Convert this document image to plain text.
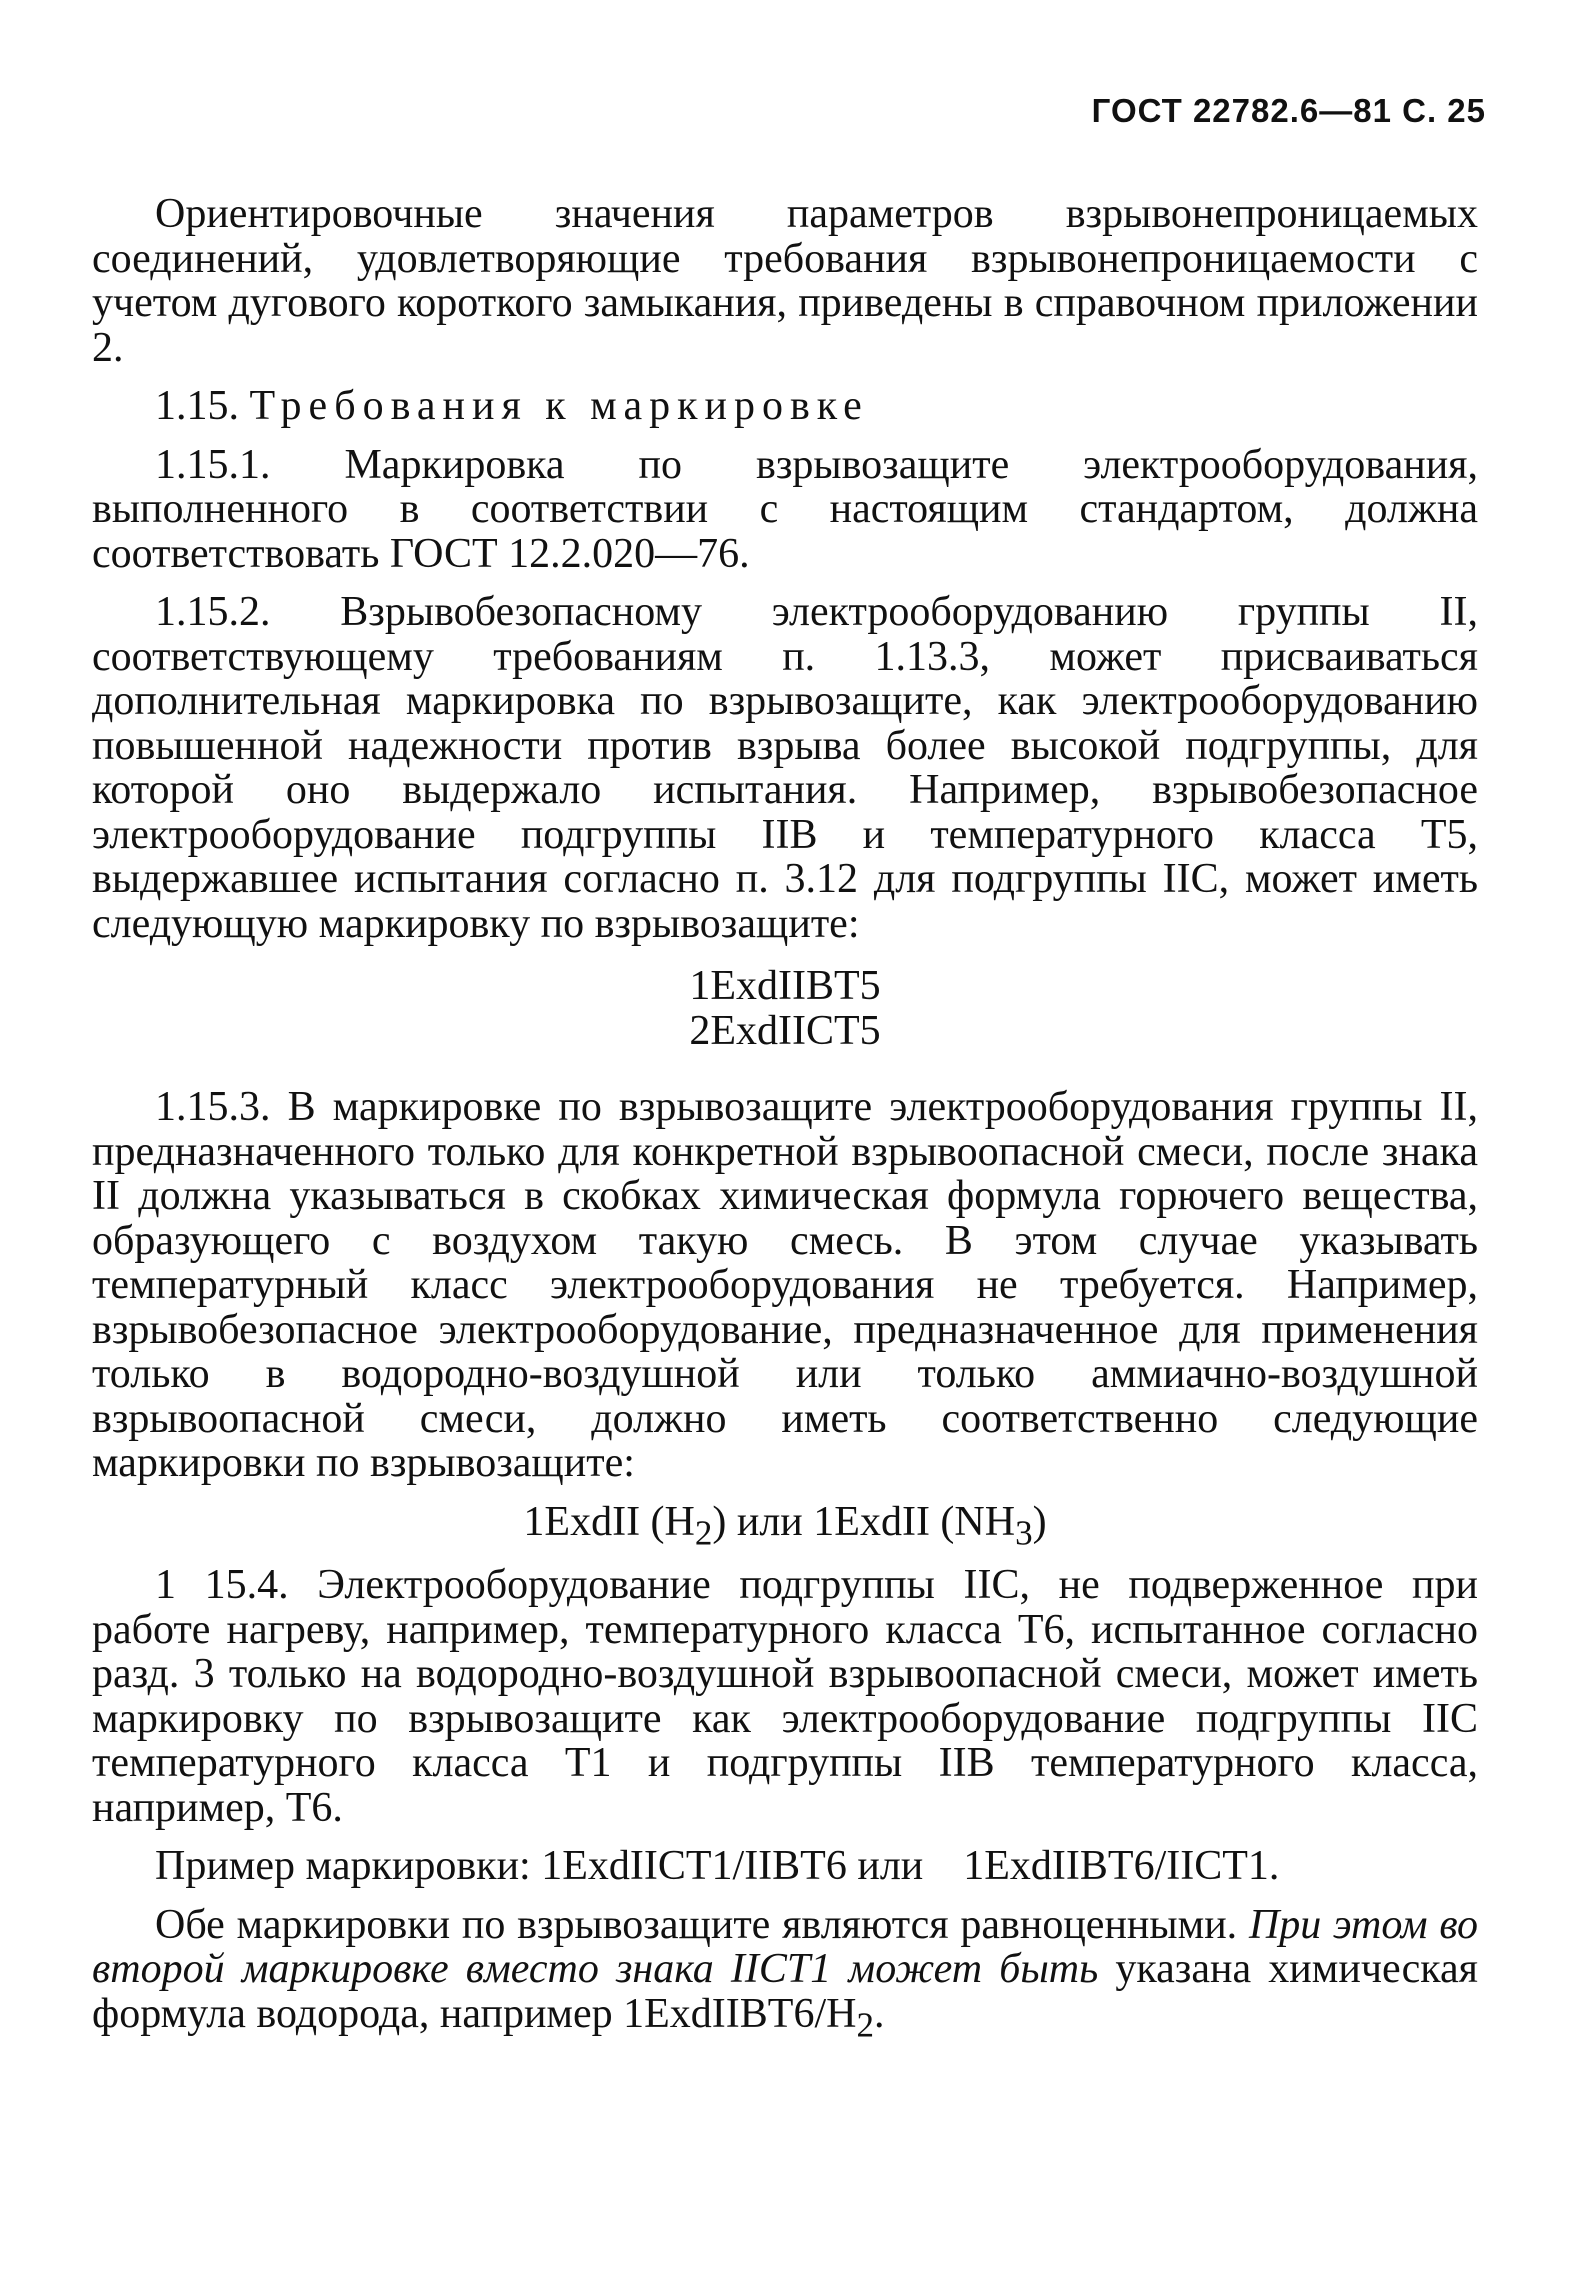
ГОСТ 22782.6—81 С. 25

Ориентировочные значения параметров взрывонепроницаемых соединений, удовлетворяющие требования взрывонепроницаемости с учетом дугового короткого замыкания, приведены в справочном приложении 2.

1.15. Требования к маркировке

1.15.1. Маркировка по взрывозащите электрооборудования, выполненного в соответствии с настоящим стандартом, должна соответствовать ГОСТ 12.2.020—76.

1.15.2. Взрывобезопасному электрооборудованию группы II, соответствующему требованиям п. 1.13.3, может присваиваться дополнительная маркировка по взрывозащите, как электрооборудованию повышенной надежности против взрыва более высокой подгруппы, для которой оно выдержало испытания. Например, взрывобезопасное электрооборудование подгруппы IIB и температурного класса T5, выдержавшее испытания согласно п. 3.12 для подгруппы IIC, может иметь следующую маркировку по взрывозащите:

1ExdIIBT5
2ExdIICT5

1.15.3. В маркировке по взрывозащите электрооборудования группы II, предназначенного только для конкретной взрывоопасной смеси, после знака II должна указываться в скобках химическая формула горючего вещества, образующего с воздухом такую смесь. В этом случае указывать температурный класс электрооборудования не требуется. Например, взрывобезопасное электрооборудование, предназначенное для применения только в водородно-воздушной или только аммиачно-воздушной взрывоопасной смеси, должно иметь соответственно следующие маркировки по взрывозащите:

1ExdII $(H_2)$ или 1ExdII $(NH_3)$

1 15.4. Электрооборудование подгруппы IIC, не подверженное при работе нагреву, например, температурного класса T6, испытанное согласно разд. 3 только на водородно-воздушной взрывоопасной смеси, может иметь маркировку по взрывозащите как электрооборудование подгруппы IIC температурного класса T1 и подгруппы IIB температурного класса, например, T6.

Пример маркировки: 1ExdIICT1/IIBT6 или 1ExdIIBT6/IICT1.

Обе маркировки по взрывозащите являются равноценными. При этом во второй маркировке вместо знака IICT1 может быть указана химическая формула водорода, например $1ExdIIBT6/H_2$.
